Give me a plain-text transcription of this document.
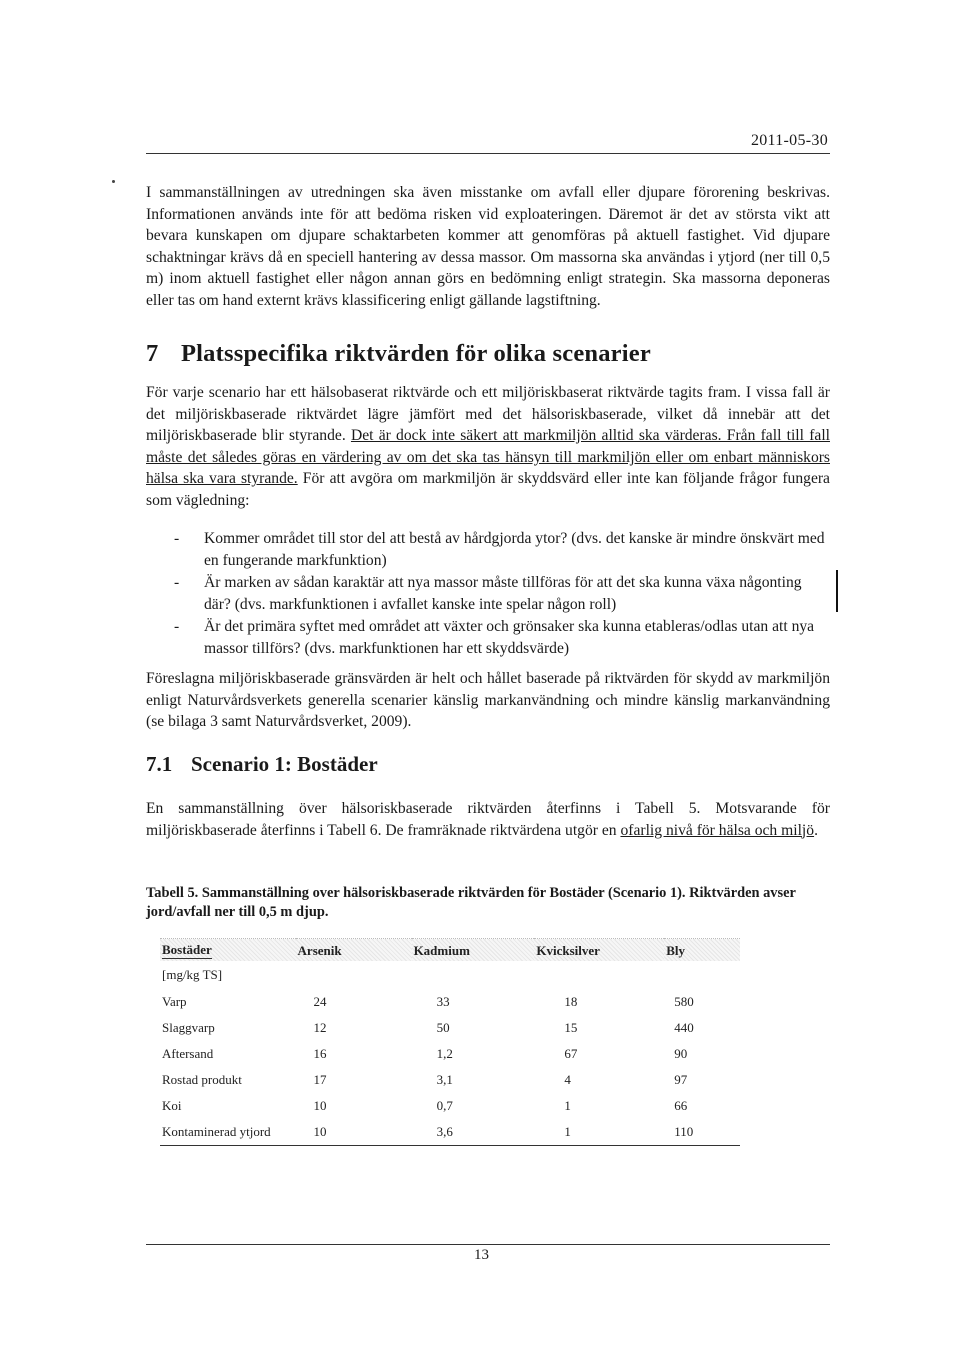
2011-05-30

I sammanställningen av utredningen ska även misstanke om avfall eller djupare förorening beskrivas. Informationen används inte för att bedöma risken vid exploateringen. Däremot är det av största vikt att bevara kunskapen om djupare schaktarbeten kommer att genomföras på aktuell fastighet. Vid djupare schaktningar krävs då en speciell hantering av dessa massor. Om massorna ska användas i ytjord (ner till 0,5 m) inom aktuell fastighet eller någon annan görs en bedömning enligt strategin. Ska massorna deponeras eller tas om hand externt krävs klassificering enligt gällande lagstiftning.

7 Platsspecifika riktvärden för olika scenarier

För varje scenario har ett hälsobaserat riktvärde och ett miljöriskbaserat riktvärde tagits fram. I vissa fall är det miljöriskbaserade riktvärdet lägre jämfört med det hälsoriskbaserade, vilket då innebär att det miljöriskbaserade blir styrande. Det är dock inte säkert att markmiljön alltid ska värderas. Från fall till fall måste det således göras en värdering av om det ska tas hänsyn till markmiljön eller om enbart människors hälsa ska vara styrande. För att avgöra om markmiljön är skyddsvärd eller inte kan följande frågor fungera som vägledning:

- Kommer området till stor del att bestå av hårdgjorda ytor? (dvs. det kanske är mindre önskvärt med en fungerande markfunktion)
- Är marken av sådan karaktär att nya massor måste tillföras för att det ska kunna växa någonting där? (dvs. markfunktionen i avfallet kanske inte spelar någon roll)
- Är det primära syftet med området att växter och grönsaker ska kunna etableras/odlas utan att nya massor tillförs? (dvs. markfunktionen har ett skyddsvärde)

Föreslagna miljöriskbaserade gränsvärden är helt och hållet baserade på riktvärden för skydd av markmiljön enligt Naturvårdsverkets generella scenarier känslig markanvändning och mindre känslig markanvändning (se bilaga 3 samt Naturvårdsverket, 2009).

7.1 Scenario 1: Bostäder

En sammanställning över hälsoriskbaserade riktvärden återfinns i Tabell 5. Motsvarande för miljöriskbaserade återfinns i Tabell 6. De framräknade riktvärdena utgör en ofarlig nivå för hälsa och miljö.

Tabell 5. Sammanställning over hälsoriskbaserade riktvärden för Bostäder (Scenario 1). Riktvärden avser jord/avfall ner till 0,5 m djup.

Bostäder	Arsenik	Kadmium	Kvicksilver	Bly
[mg/kg TS]				
Varp	24	33	18	580
Slaggvarp	12	50	15	440
Aftersand	16	1,2	67	90
Rostad produkt	17	3,1	4	97
Koi	10	0,7	1	66
Kontaminerad ytjord	10	3,6	1	110
13
